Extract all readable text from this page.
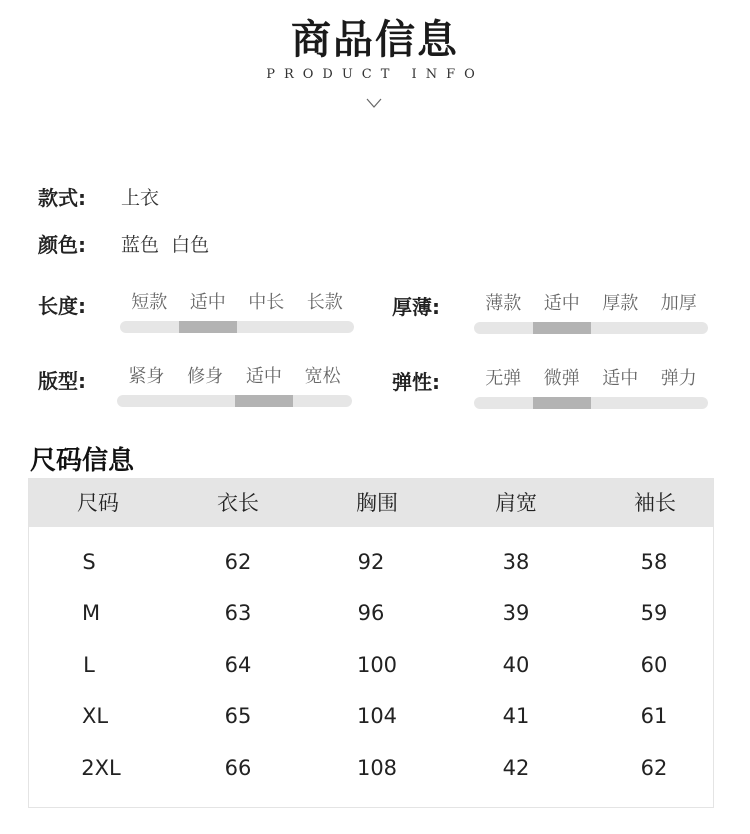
商品信息
PRODUCT INFO
款式: 上衣
颜色: 蓝色  白色
长度:	短款	适中	中长	长款	厚薄:	薄款	适中	厚款	加厚
版型:	紧身	修身	适中	宽松	弹性:	无弹	微弹	适中	弹力
尺码信息
尺码	衣长	胸围	肩宽	袖长
S	62	92	38	58
M	63	96	39	59
L	64	100	40	60
XL	65	104	41	61
2XL	66	108	42	62
